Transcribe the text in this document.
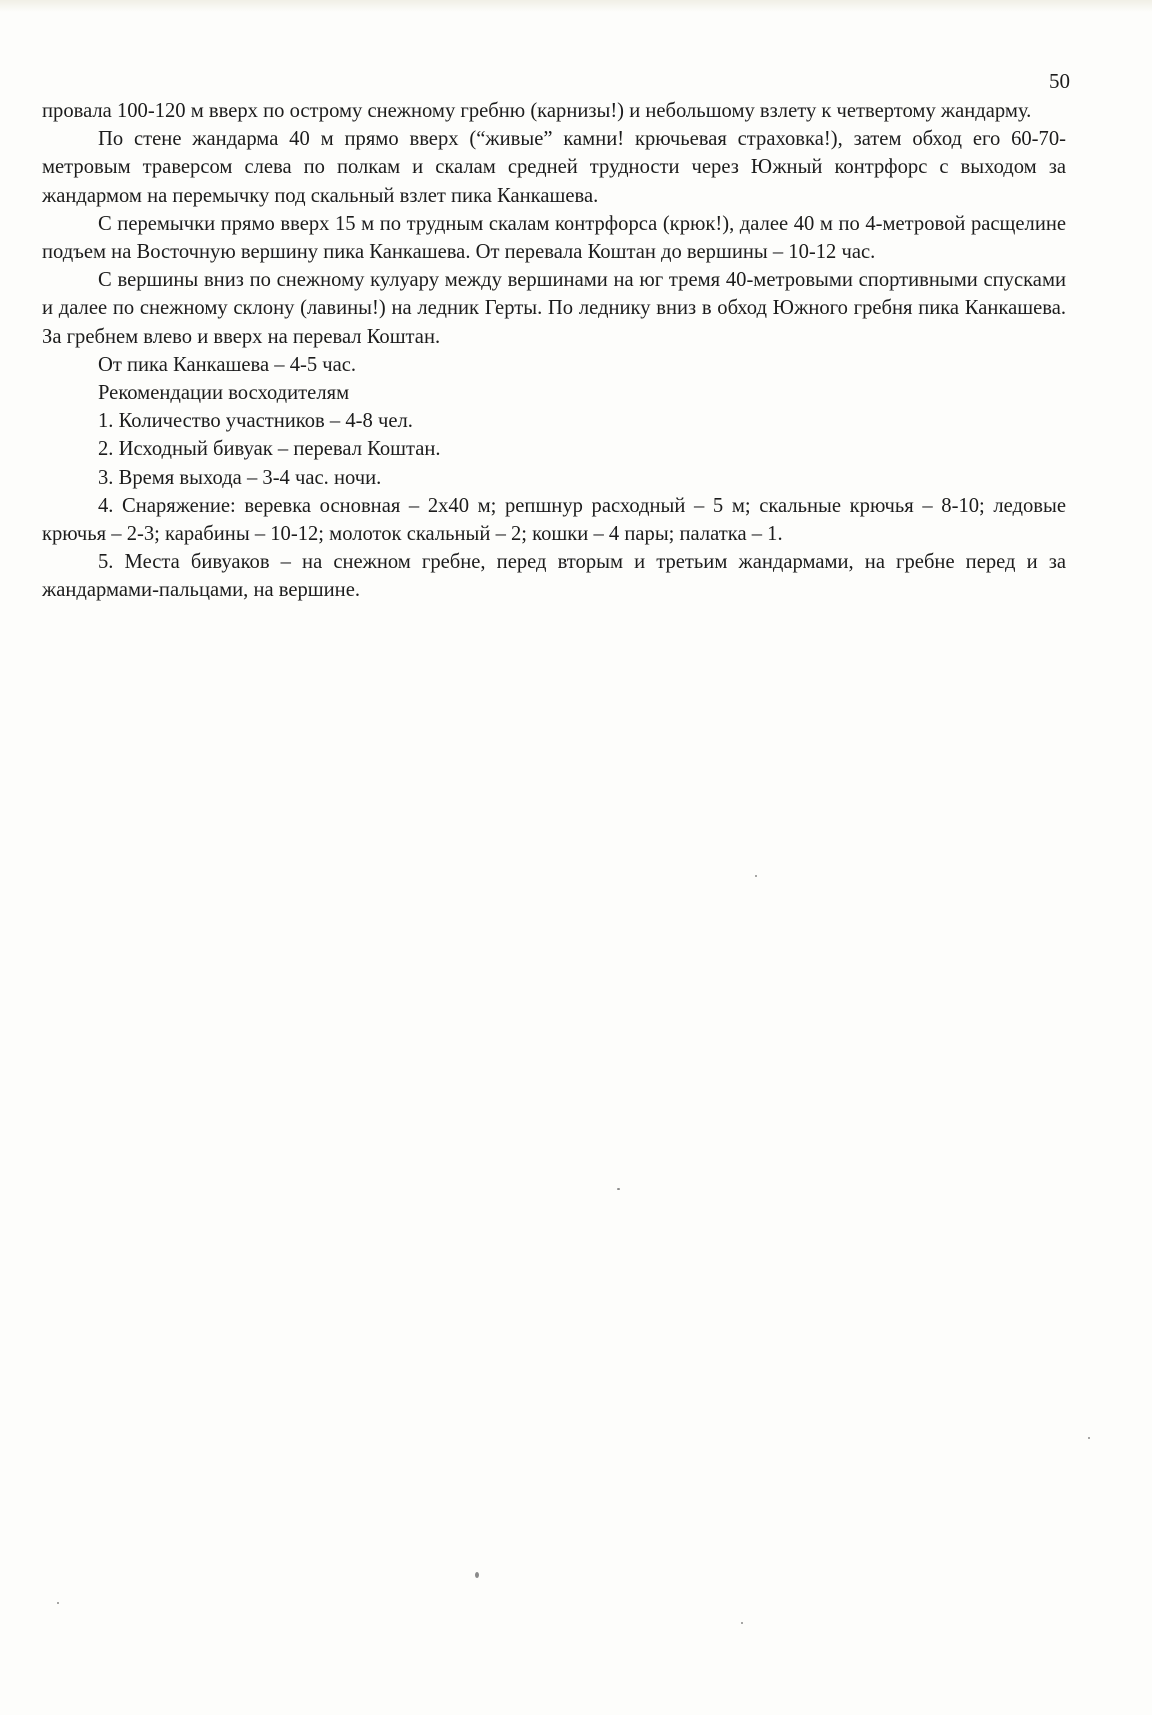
50

провала 100-120 м вверх по острому снежному гребню (карнизы!) и небольшому взлету к четвертому жандарму.

По стене жандарма 40 м прямо вверх (“живые” камни! крючьевая страховка!), затем обход его 60-70-метровым траверсом слева по полкам и скалам средней трудности через Южный контрфорс с выходом за жандармом на перемычку под скальный взлет пика Канкашева.

С перемычки прямо вверх 15 м по трудным скалам контрфорса (крюк!), далее 40 м по 4-метровой расщелине подъем на Восточную вершину пика Канкашева. От перевала Коштан до вершины – 10-12 час.

С вершины вниз по снежному кулуару между вершинами на юг тремя 40-метровыми спортивными спусками и далее по снежному склону (лавины!) на ледник Герты. По леднику вниз в обход Южного гребня пика Канкашева. За гребнем влево и вверх на перевал Коштан.

От пика Канкашева – 4-5 час.

Рекомендации восходителям

1. Количество участников – 4-8 чел.

2. Исходный бивуак – перевал Коштан.

3. Время выхода – 3-4 час. ночи.

4. Снаряжение: веревка основная – 2х40 м; репшнур расходный – 5 м; скальные крючья – 8-10; ледовые крючья – 2-3; карабины – 10-12; молоток скальный – 2; кошки – 4 пары; палатка – 1.

5. Места бивуаков – на снежном гребне, перед вторым и третьим жандармами, на гребне перед и за жандармами-пальцами, на вершине.
